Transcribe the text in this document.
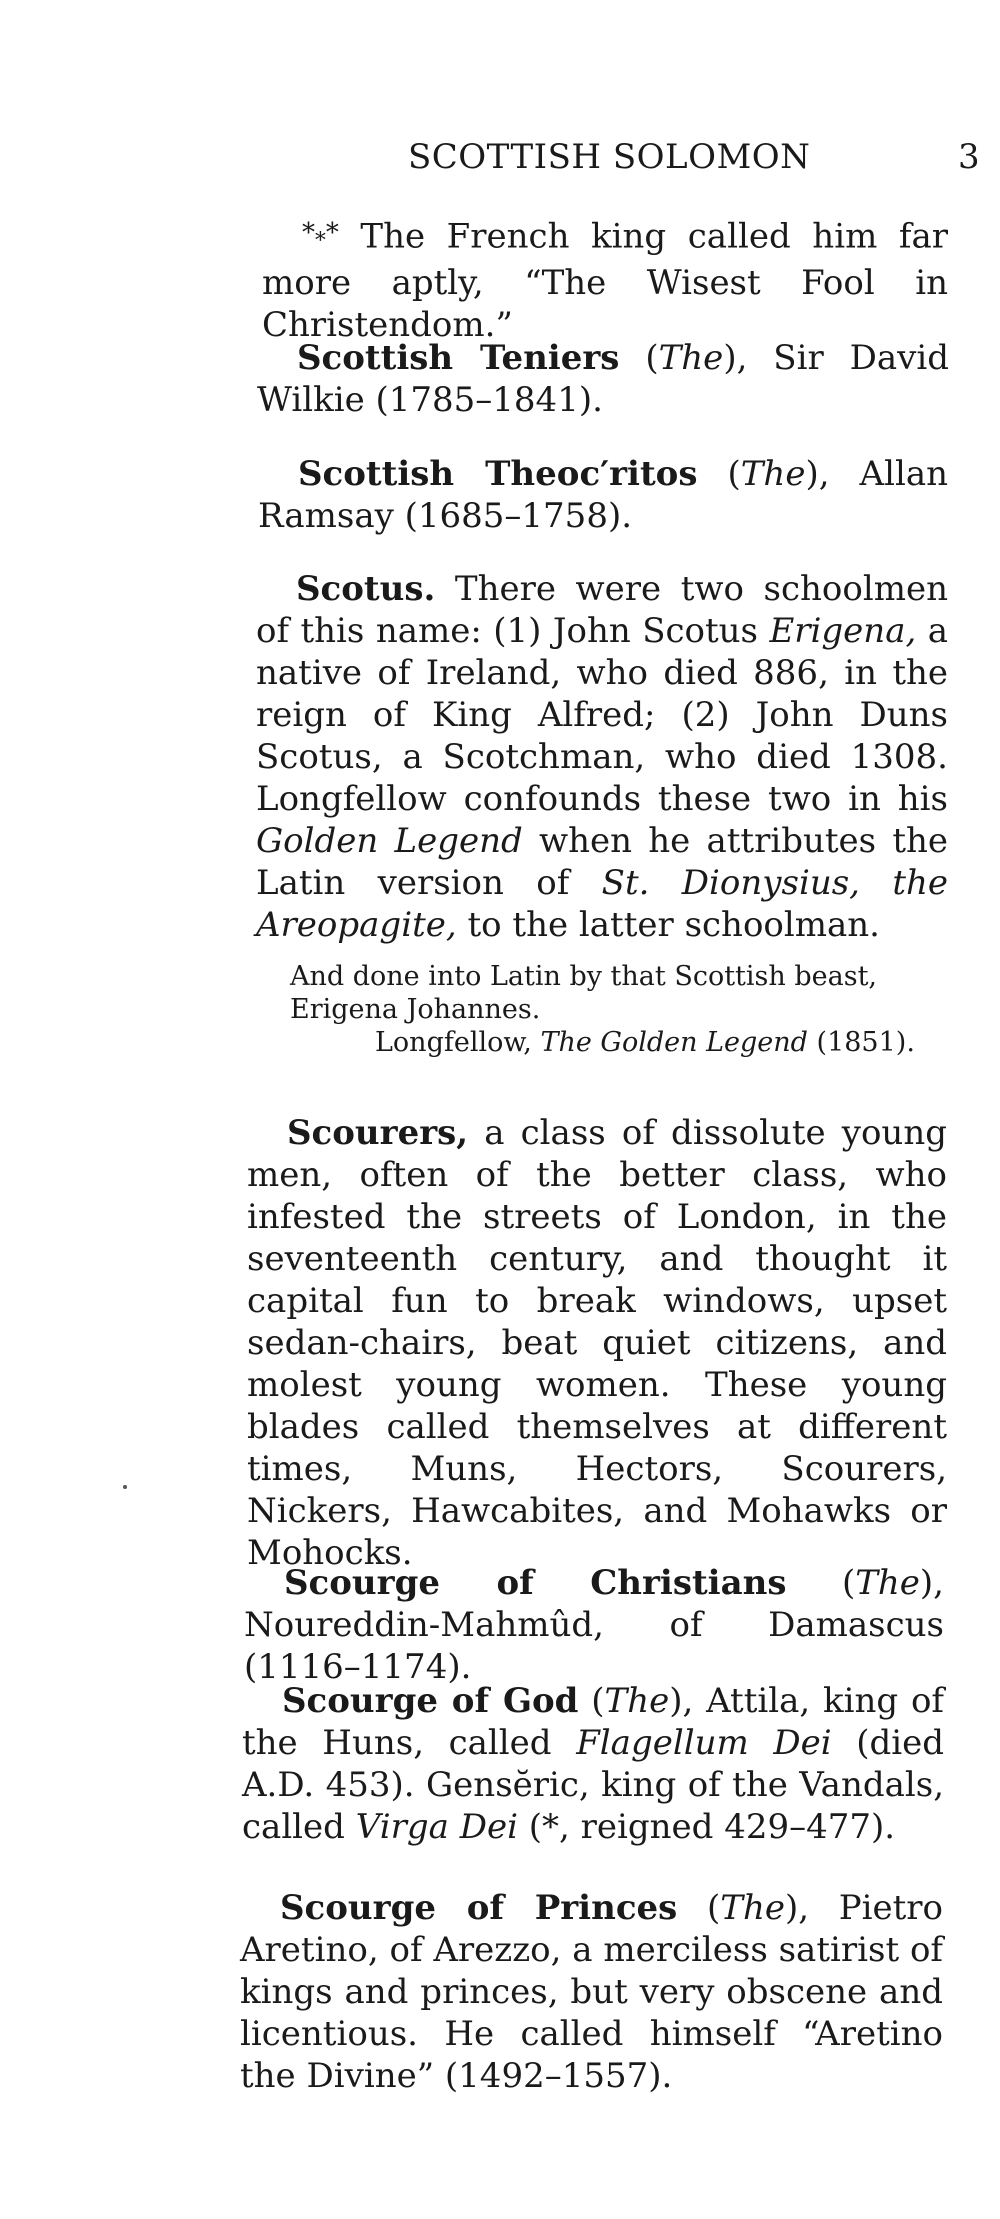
SCOTTISH SOLOMON	3
$*_**$ The French king called him far more aptly, “The Wisest Fool in Christendom.”
Scottish Teniers (The), Sir David Wilkie (1785–1841).
Scottish Theoc′ritos (The), Allan Ramsay (1685–1758).
Scotus. There were two schoolmen of this name: (1) John Scotus Erigena, a native of Ireland, who died 886, in the reign of King Alfred; (2) John Duns Scotus, a Scotchman, who died 1308. Longfellow confounds these two in his Golden Legend when he attributes the Latin version of St. Dionysius, the Areopagite, to the latter schoolman.
And done into Latin by that Scottish beast,
Erigena Johannes.
Longfellow, The Golden Legend (1851).
Scourers, a class of dissolute young men, often of the better class, who infested the streets of London, in the seventeenth century, and thought it capital fun to break windows, upset sedan-chairs, beat quiet citizens, and molest young women. These young blades called themselves at different times, Muns, Hectors, Scourers, Nickers, Hawcabites, and Mohawks or Mohocks.
Scourge of Christians (The), Noureddin-Mahmûd, of Damascus (1116–1174).
Scourge of God (The), Attila, king of the Huns, called Flagellum Dei (died A.D. 453). Gensĕric, king of the Vandals, called Virga Dei (*, reigned 429–477).
Scourge of Princes (The), Pietro Aretino, of Arezzo, a merciless satirist of kings and princes, but very obscene and licentious. He called himself “Aretino the Divine” (1492–1557).
